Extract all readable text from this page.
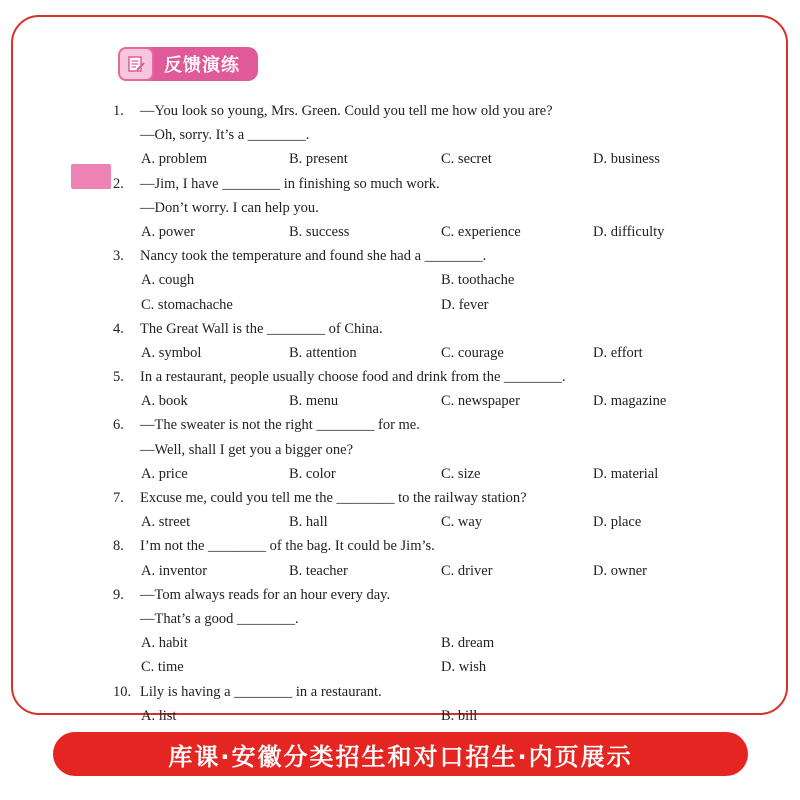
反馈演练
1. —You look so young, Mrs. Green. Could you tell me how old you are?
—Oh, sorry. It’s a ________.
A. problem	B. present	C. secret	D. business
2. —Jim, I have ________ in finishing so much work.
—Don’t worry. I can help you.
A. power	B. success	C. experience	D. difficulty
3. Nancy took the temperature and found she had a ________.
A. cough	B. toothache
C. stomachache	D. fever
4. The Great Wall is the ________ of China.
A. symbol	B. attention	C. courage	D. effort
5. In a restaurant, people usually choose food and drink from the ________.
A. book	B. menu	C. newspaper	D. magazine
6. —The sweater is not the right ________ for me.
—Well, shall I get you a bigger one?
A. price	B. color	C. size	D. material
7. Excuse me, could you tell me the ________ to the railway station?
A. street	B. hall	C. way	D. place
8. I’m not the ________ of the bag. It could be Jim’s.
A. inventor	B. teacher	C. driver	D. owner
9. —Tom always reads for an hour every day.
—That’s a good ________.
A. habit	B. dream
C. time	D. wish
10. Lily is having a ________ in a restaurant.
A. list	B. bill
库课·安徽分类招生和对口招生·内页展示
